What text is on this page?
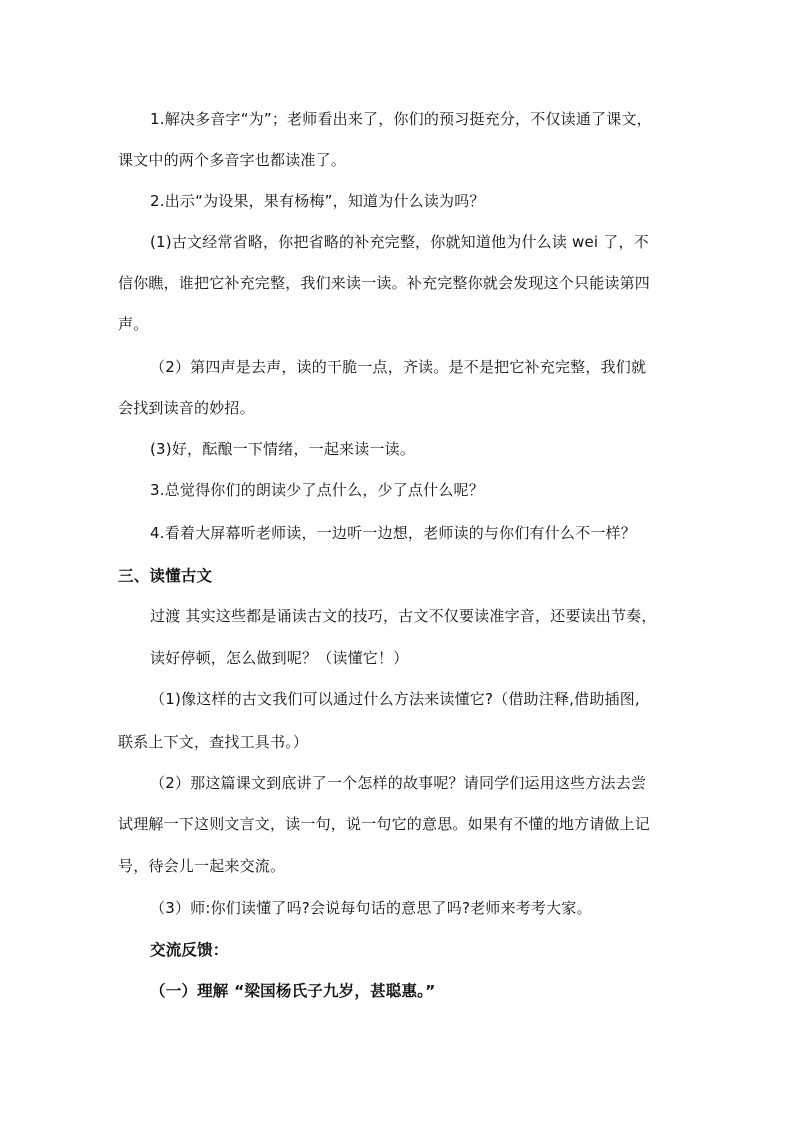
1.解决多音字“为”；老师看出来了，你们的预习挺充分，不仅读通了课文，
课文中的两个多音字也都读准了。
2.出示“为设果，果有杨梅”，知道为什么读为吗？
(1)古文经常省略，你把省略的补充完整，你就知道他为什么读 wei 了，不
信你瞧，谁把它补充完整，我们来读一读。补充完整你就会发现这个只能读第四
声。
（2）第四声是去声，读的干脆一点，齐读。是不是把它补充完整，我们就
会找到读音的妙招。
(3)好，酝酿一下情绪，一起来读一读。
3.总觉得你们的朗读少了点什么，少了点什么呢？
4.看着大屏幕听老师读，一边听一边想，老师读的与你们有什么不一样？
三、读懂古文
过渡 其实这些都是诵读古文的技巧，古文不仅要读准字音，还要读出节奏，
读好停顿，怎么做到呢？（读懂它！）
（1)像这样的古文我们可以通过什么方法来读懂它?（借助注释,借助插图,
联系上下文，查找工具书。）
（2）那这篇课文到底讲了一个怎样的故事呢？请同学们运用这些方法去尝
试理解一下这则文言文，读一句，说一句它的意思。如果有不懂的地方请做上记
号，待会儿一起来交流。
（3）师:你们读懂了吗?会说每句话的意思了吗?老师来考考大家。
交流反馈：
（一）理解 “梁国杨氏子九岁，甚聪惠。”
